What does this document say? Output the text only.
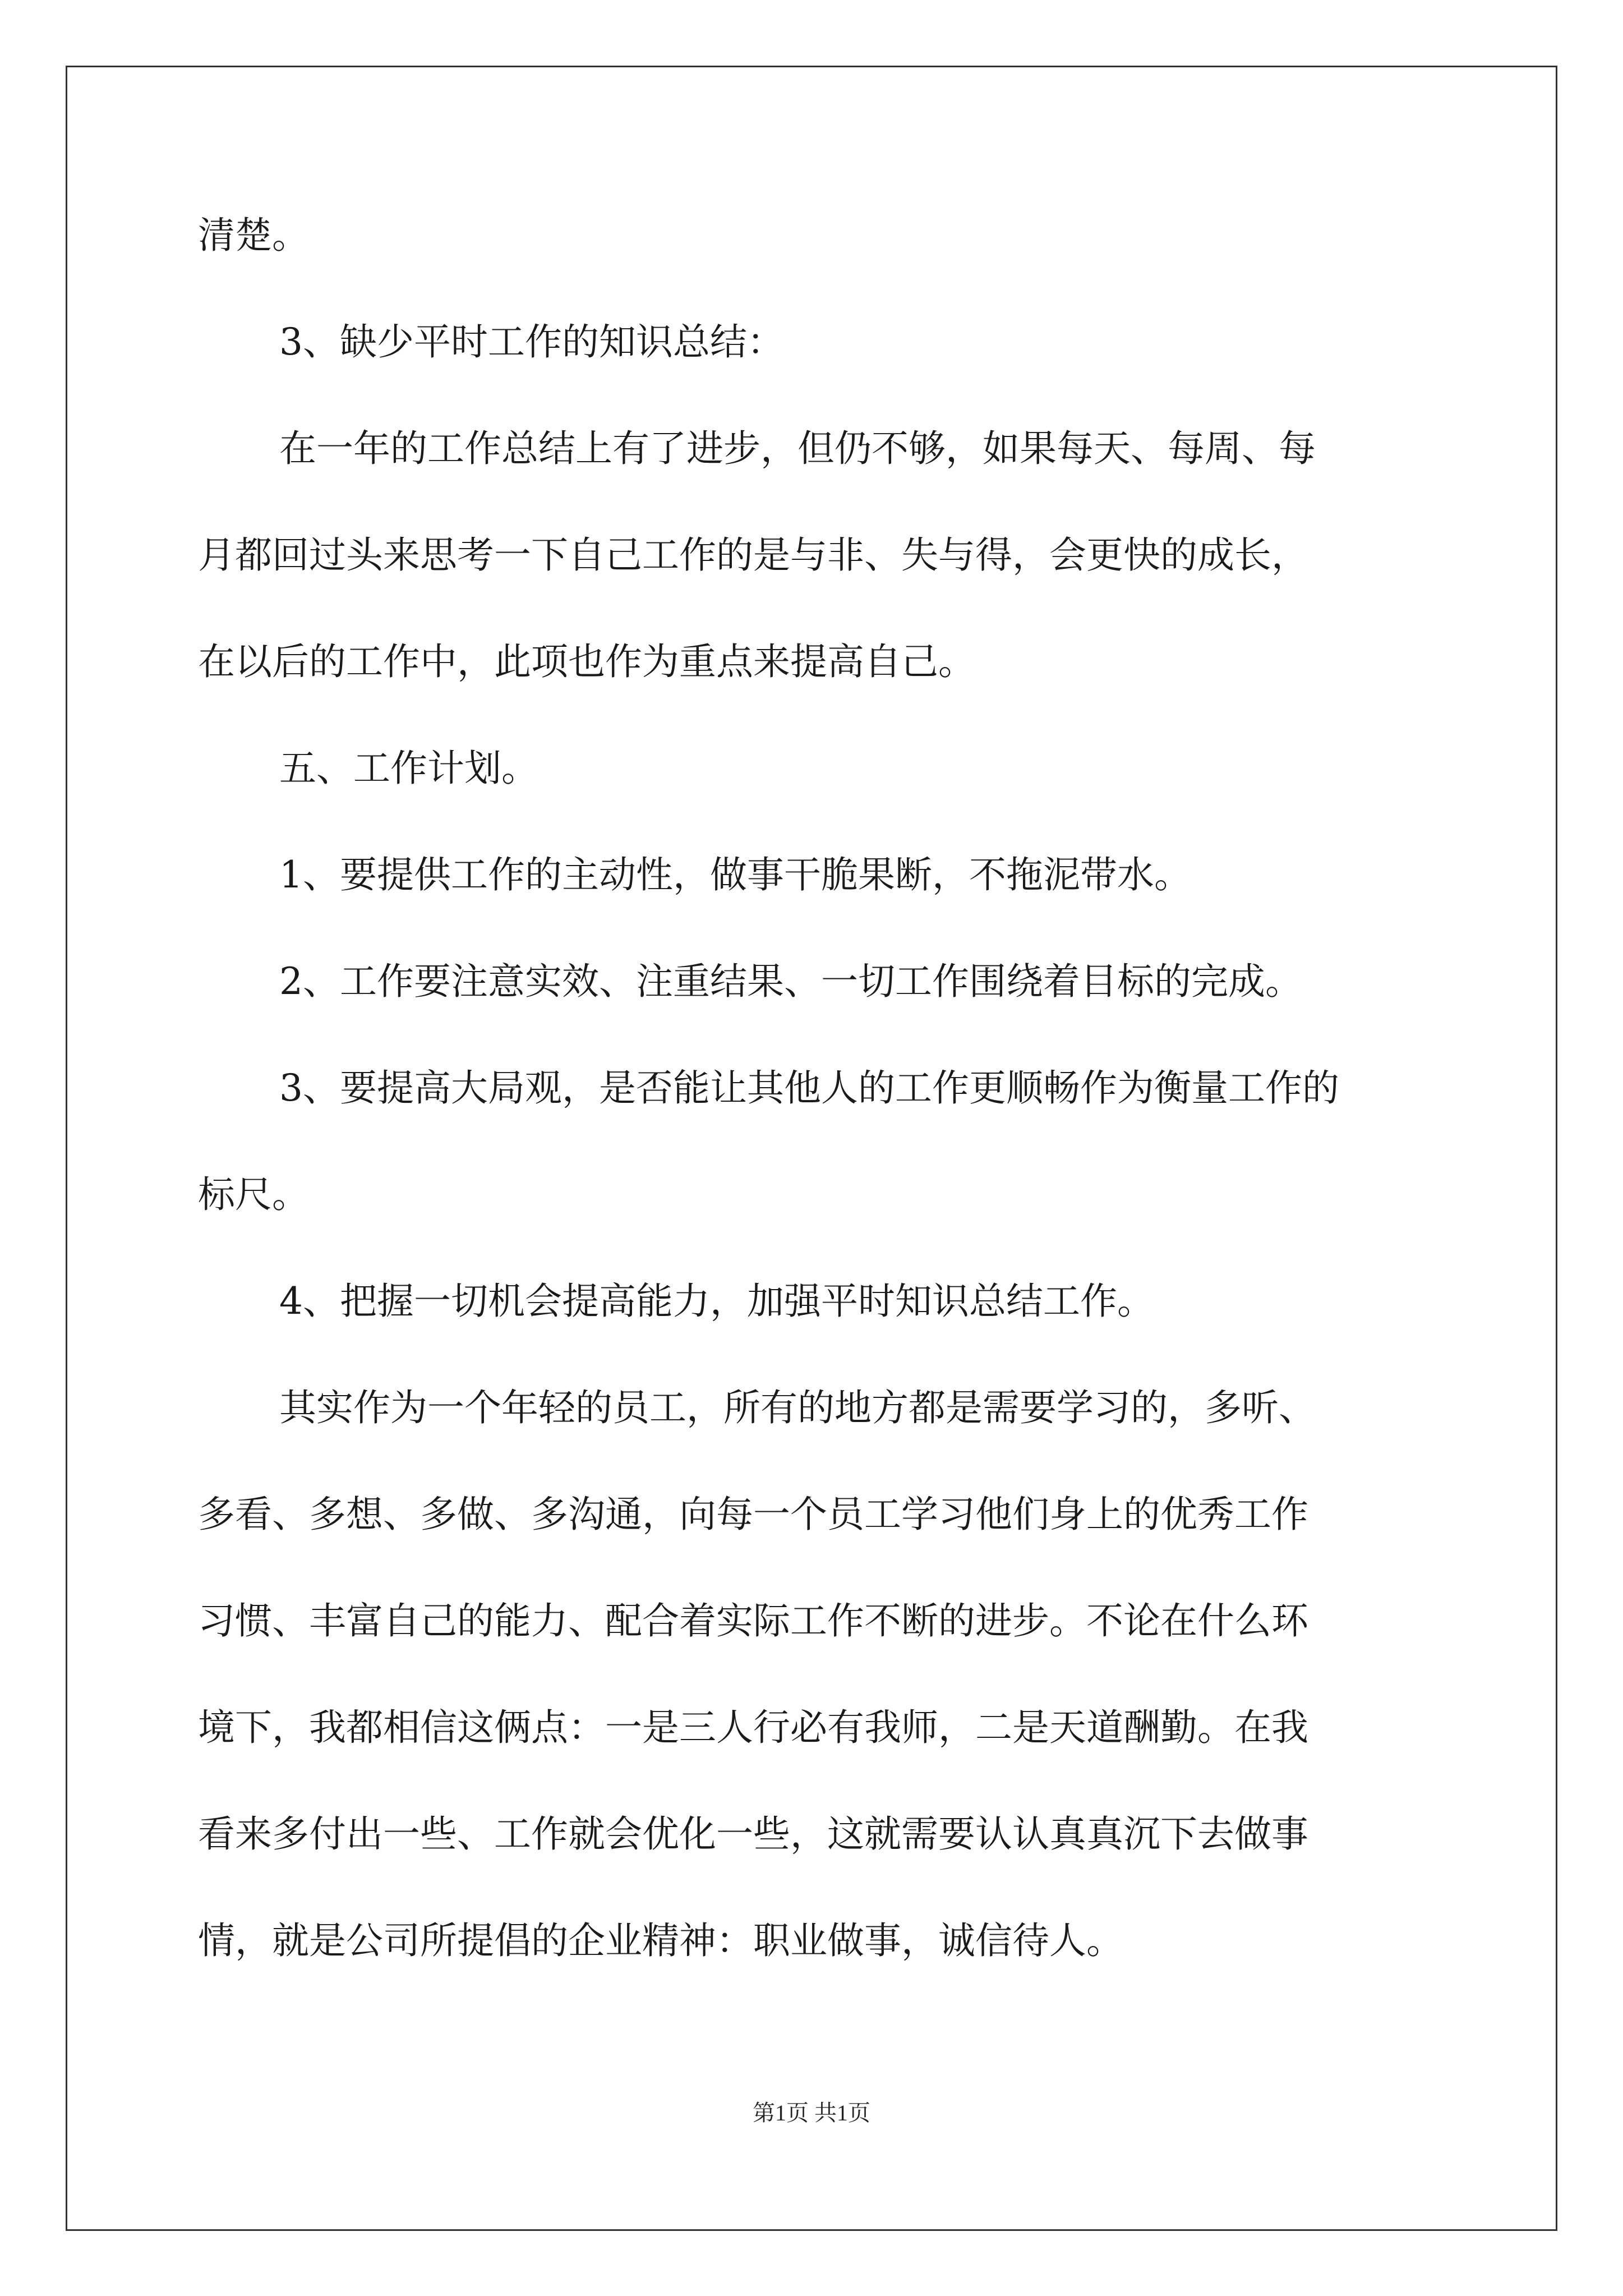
清楚。
3、缺少平时工作的知识总结：
在一年的工作总结上有了进步，但仍不够，如果每天、每周、每
月都回过头来思考一下自己工作的是与非、失与得，会更快的成长，
在以后的工作中，此项也作为重点来提高自己。
五、工作计划。
1、要提供工作的主动性，做事干脆果断，不拖泥带水。
2、工作要注意实效、注重结果、一切工作围绕着目标的完成。
3、要提高大局观，是否能让其他人的工作更顺畅作为衡量工作的
标尺。
4、把握一切机会提高能力，加强平时知识总结工作。
其实作为一个年轻的员工，所有的地方都是需要学习的，多听、
多看、多想、多做、多沟通，向每一个员工学习他们身上的优秀工作
习惯、丰富自己的能力、配合着实际工作不断的进步。不论在什么环
境下，我都相信这俩点：一是三人行必有我师，二是天道酬勤。在我
看来多付出一些、工作就会优化一些，这就需要认认真真沉下去做事
情，就是公司所提倡的企业精神：职业做事，诚信待人。
第1页 共1页
